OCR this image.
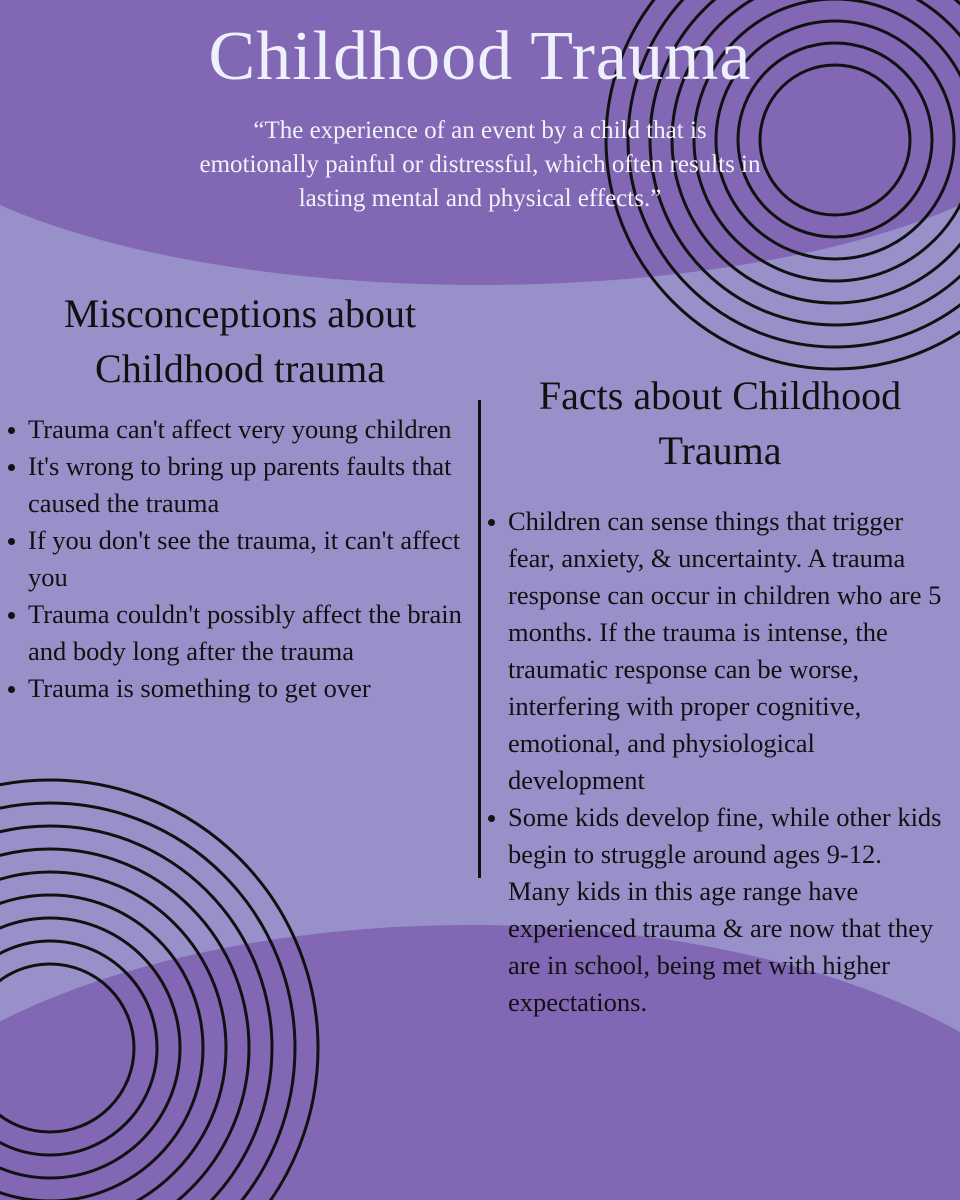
Childhood Trauma
“The experience of an event by a child that is emotionally painful or distressful, which often results in lasting mental and physical effects.”
Misconceptions about Childhood trauma
Trauma can't affect very young children
It's wrong to bring up parents faults that caused the trauma
If you don't see the trauma, it can't affect you
Trauma couldn't possibly affect the brain and body long after the trauma
Trauma is something to get over
Facts about Childhood Trauma
Children can sense things that trigger fear, anxiety, & uncertainty. A trauma response can occur in children who are 5 months. If the trauma is intense, the traumatic response can be worse, interfering with proper cognitive, emotional, and physiological development
Some kids develop fine, while other kids begin to struggle around ages 9-12. Many kids in this age range have experienced trauma & are now that they are in school, being met with higher expectations.
